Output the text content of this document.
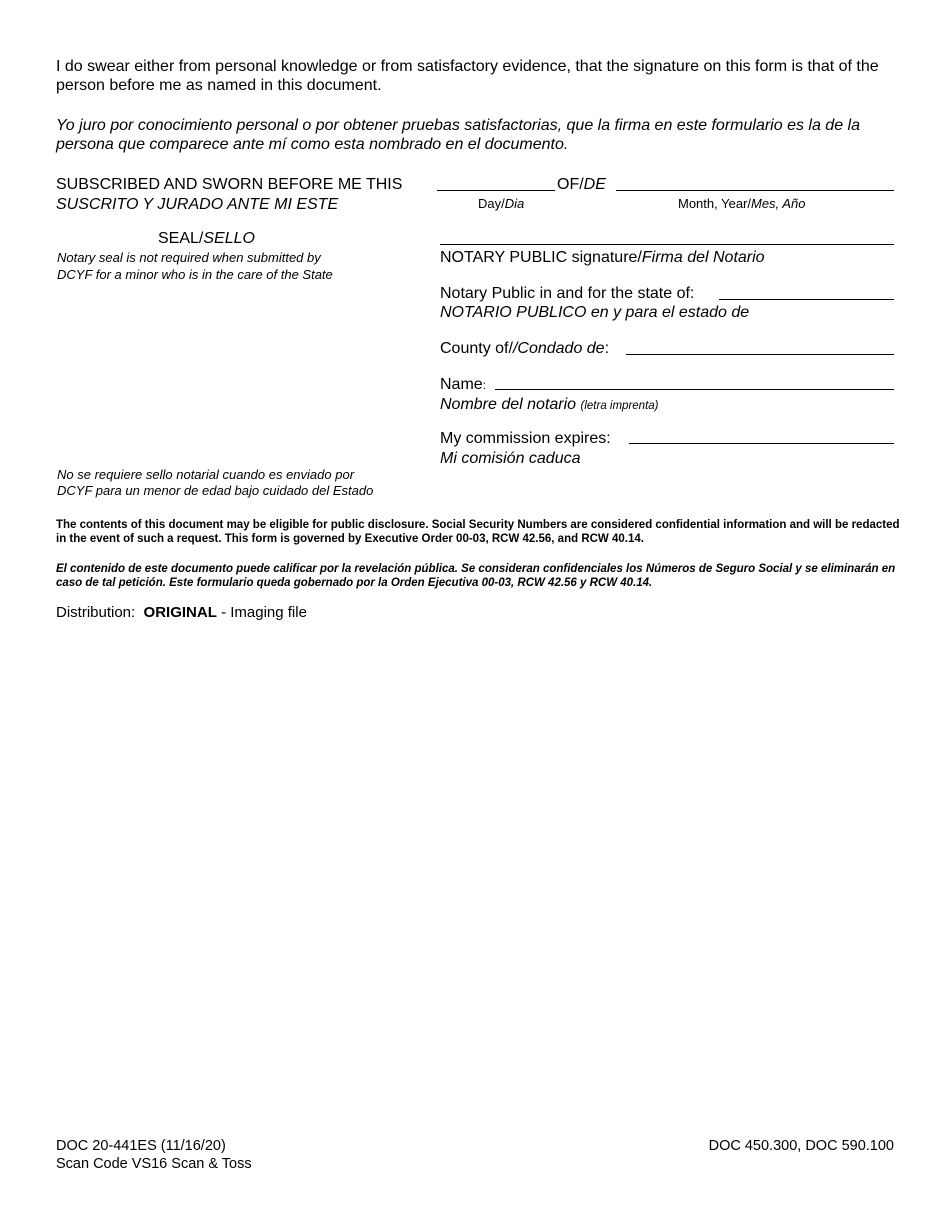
I do swear either from personal knowledge or from satisfactory evidence, that the signature on this form is that of the person before me as named in this document.
Yo juro por conocimiento personal o por obtener pruebas satisfactorias, que la firma en este formulario es la de la persona que comparece ante mí como esta nombrado en el documento.
SUBSCRIBED AND SWORN BEFORE ME THIS
SUSCRITO Y JURADO ANTE MI ESTE
OF/DE
Day/Dia	Month, Year/Mes, Año
SEAL/SELLO
Notary seal is not required when submitted by
DCYF for a minor who is in the care of the State
No se requiere sello notarial cuando es enviado por
DCYF para un menor de edad bajo cuidado del Estado
NOTARY PUBLIC signature/Firma del Notario
Notary Public in and for the state of:
NOTARIO PUBLICO en y para el estado de
County of//Condado de:
Name:
Nombre del notario (letra imprenta)
My commission expires:
Mi comisión caduca
The contents of this document may be eligible for public disclosure. Social Security Numbers are considered confidential information and will be redacted in the event of such a request. This form is governed by Executive Order 00-03, RCW 42.56, and RCW 40.14.
El contenido de este documento puede calificar por la revelación pública. Se consideran confidenciales los Números de Seguro Social y se eliminarán en caso de tal petición. Este formulario queda gobernado por la Orden Ejecutiva 00-03, RCW 42.56 y RCW 40.14.
Distribution: ORIGINAL - Imaging file
DOC 20-441ES (11/16/20)
Scan Code VS16 Scan & Toss
DOC 450.300, DOC 590.100
